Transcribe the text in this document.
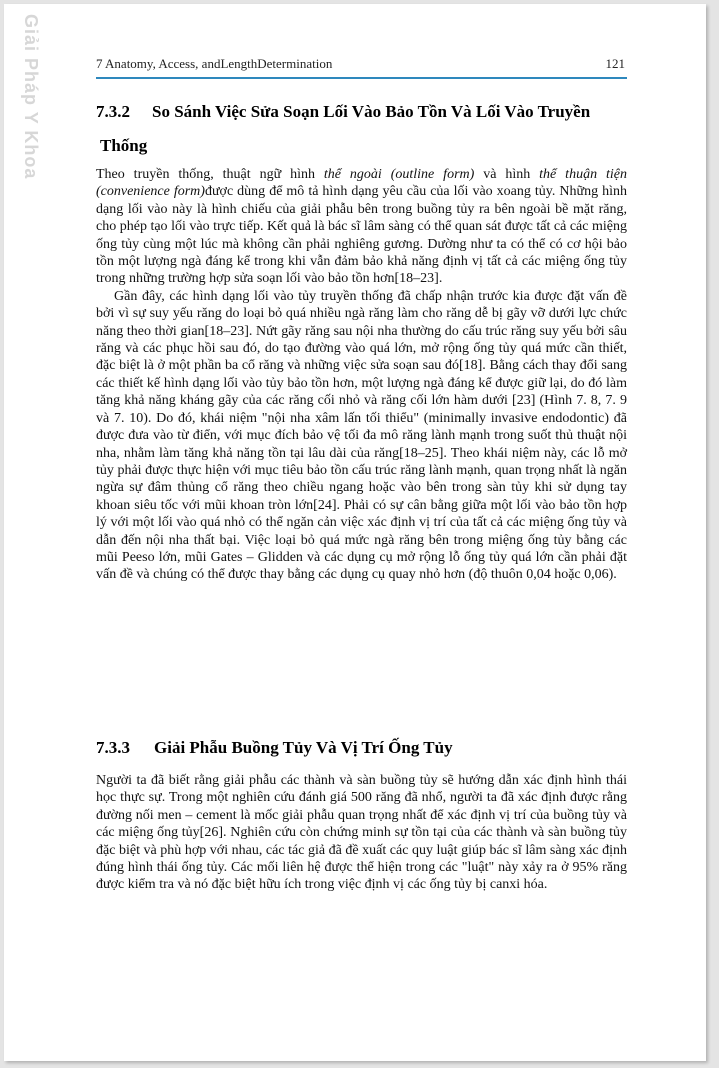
Giải Pháp Y Khoa	7 Anatomy, Access, andLengthDetermination	121
7.3.2 So Sánh Việc Sửa Soạn Lối Vào Bảo Tồn Và Lối Vào Truyền
Thống

Theo truyền thống, thuật ngữ hình thể ngoài (outline form) và hình thể thuận tiện (convenience form)được dùng để mô tả hình dạng yêu cầu của lối vào xoang tủy. Những hình dạng lối vào này là hình chiếu của giải phẫu bên trong buồng tủy ra bên ngoài bề mặt răng, cho phép tạo lối vào trực tiếp. Kết quả là bác sĩ lâm sàng có thể quan sát được tất cả các miệng ống tủy cùng một lúc mà không cần phải nghiêng gương. Dường như ta có thể có cơ hội bảo tồn một lượng ngà đáng kể trong khi vẫn đảm bảo khả năng định vị tất cả các miệng ống tủy trong những trường hợp sửa soạn lối vào bảo tồn hơn[18–23].

Gần đây, các hình dạng lối vào tủy truyền thống đã chấp nhận trước kia được đặt vấn đề bởi vì sự suy yếu răng do loại bỏ quá nhiều ngà răng làm cho răng dễ bị gãy vỡ dưới lực chức năng theo thời gian[18–23]. Nứt gãy răng sau nội nha thường do cấu trúc răng suy yếu bởi sâu răng và các phục hồi sau đó, do tạo đường vào quá lớn, mở rộng ống tủy quá mức cần thiết, đặc biệt là ở một phần ba cổ răng và những việc sửa soạn sau đó[18]. Bằng cách thay đổi sang các thiết kế hình dạng lối vào tủy bảo tồn hơn, một lượng ngà đáng kể được giữ lại, do đó làm tăng khả năng kháng gãy của các răng cối nhỏ và răng cối lớn hàm dưới [23] (Hình 7. 8, 7. 9 và 7. 10). Do đó, khái niệm "nội nha xâm lấn tối thiểu" (minimally invasive endodontic) đã được đưa vào từ điển, với mục đích bảo vệ tối đa mô răng lành mạnh trong suốt thủ thuật nội nha, nhằm làm tăng khả năng tồn tại lâu dài của răng[18–25]. Theo khái niệm này, các lỗ mở tủy phải được thực hiện với mục tiêu bảo tồn cấu trúc răng lành mạnh, quan trọng nhất là ngăn ngừa sự đâm thủng cổ răng theo chiều ngang hoặc vào bên trong sàn tủy khi sử dụng tay khoan siêu tốc với mũi khoan tròn lớn[24]. Phải có sự cân bằng giữa một lối vào bảo tồn hợp lý với một lối vào quá nhỏ có thể ngăn cản việc xác định vị trí của tất cả các miệng ống tủy và dẫn đến nội nha thất bại. Việc loại bỏ quá mức ngà răng bên trong miệng ống tủy bằng các mũi Peeso lớn, mũi Gates – Glidden và các dụng cụ mở rộng lỗ ống tủy quá lớn cần phải đặt vấn đề và chúng có thể được thay bằng các dụng cụ quay nhỏ hơn (độ thuôn 0,04 hoặc 0,06).

7.3.3 Giải Phẫu Buồng Tủy Và Vị Trí Ống Tủy

Người ta đã biết rằng giải phẫu các thành và sàn buồng tủy sẽ hướng dẫn xác định hình thái học thực sự. Trong một nghiên cứu đánh giá 500 răng đã nhổ, người ta đã xác định được rằng đường nối men – cement là mốc giải phẫu quan trọng nhất để xác định vị trí của buồng tủy và các miệng ống tủy[26]. Nghiên cứu còn chứng minh sự tồn tại của các thành và sàn buồng tủy đặc biệt và phù hợp với nhau, các tác giả đã đề xuất các quy luật giúp bác sĩ lâm sàng xác định đúng hình thái ống tủy. Các mối liên hệ được thể hiện trong các "luật" này xảy ra ở 95% răng được kiểm tra và nó đặc biệt hữu ích trong việc định vị các ống tủy bị canxi hóa.
